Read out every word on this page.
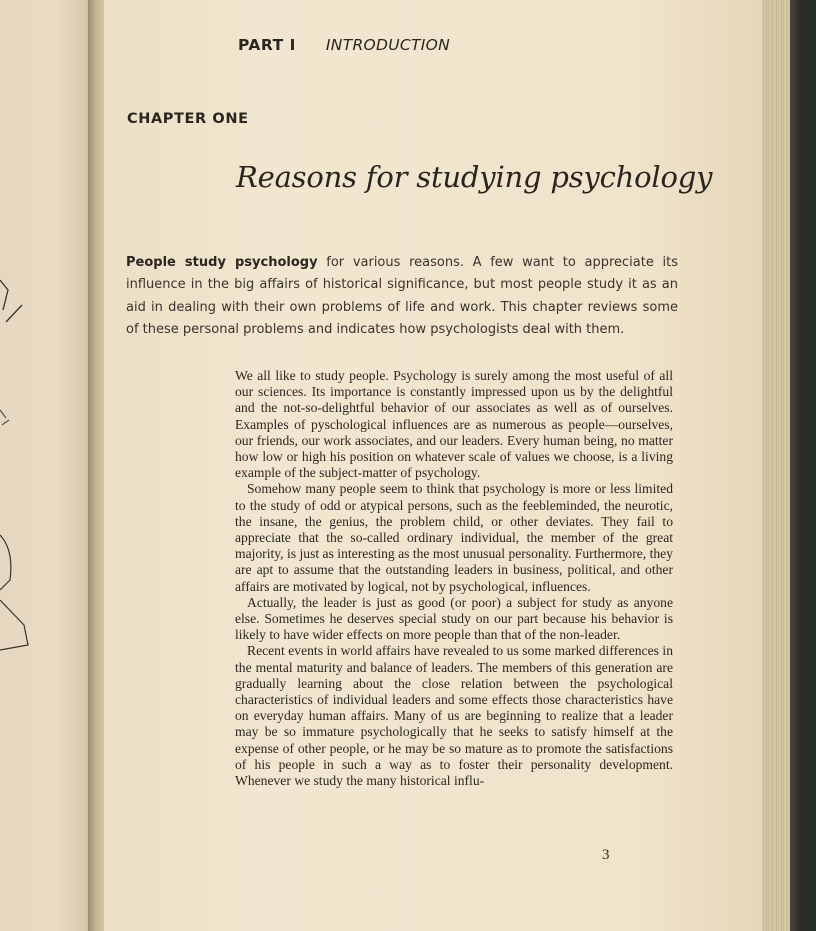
PART I INTRODUCTION
CHAPTER ONE
Reasons for studying psychology
People study psychology for various reasons. A few want to appreciate its influence in the big affairs of historical significance, but most people study it as an aid in dealing with their own problems of life and work. This chapter reviews some of these personal problems and indicates how psychologists deal with them.

We all like to study people. Psychology is surely among the most useful of all our sciences. Its importance is constantly impressed upon us by the delightful and the not-so-delightful behavior of our associates as well as of ourselves. Examples of pyschological influences are as numerous as people—ourselves, our friends, our work associates, and our leaders. Every human being, no matter how low or high his position on whatever scale of values we choose, is a living example of the subject-matter of psychology.

Somehow many people seem to think that psychology is more or less limited to the study of odd or atypical persons, such as the feebleminded, the neurotic, the insane, the genius, the problem child, or other deviates. They fail to appreciate that the so-called ordinary individual, the member of the great majority, is just as interesting as the most unusual personality. Furthermore, they are apt to assume that the outstanding leaders in business, political, and other affairs are motivated by logical, not by psychological, influences.

Actually, the leader is just as good (or poor) a subject for study as anyone else. Sometimes he deserves special study on our part because his behavior is likely to have wider effects on more people than that of the non-leader.

Recent events in world affairs have revealed to us some marked differences in the mental maturity and balance of leaders. The members of this generation are gradually learning about the close relation between the psychological characteristics of individual leaders and some effects those characteristics have on everyday human affairs. Many of us are beginning to realize that a leader may be so immature psychologically that he seeks to satisfy himself at the expense of other people, or he may be so mature as to promote the satisfactions of his people in such a way as to foster their personality development. Whenever we study the many historical influ-

3
